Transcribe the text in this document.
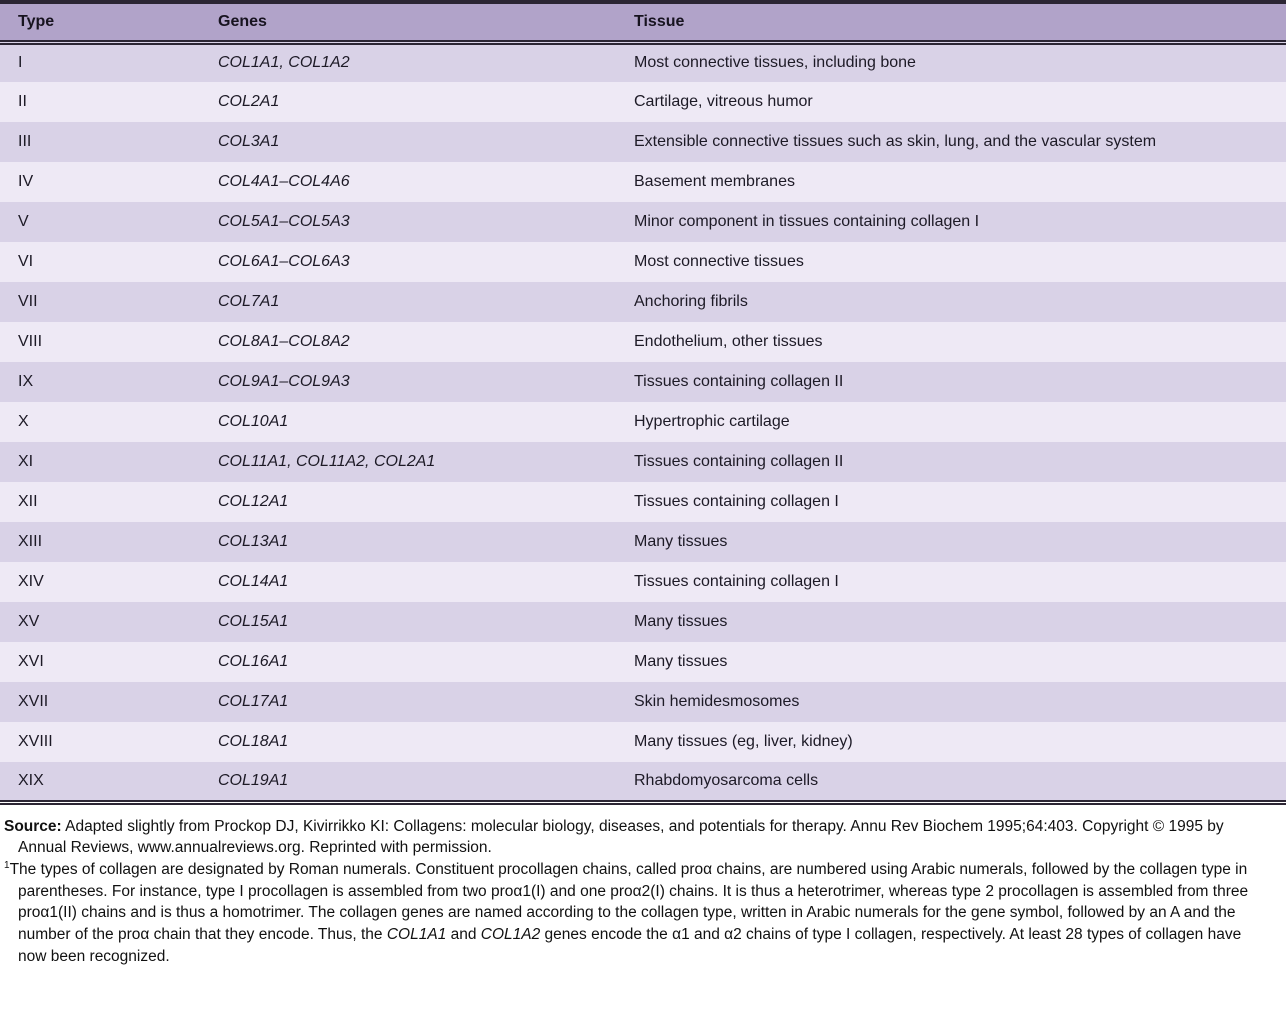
Type	Genes	Tissue
I	COL1A1, COL1A2	Most connective tissues, including bone
II	COL2A1	Cartilage, vitreous humor
III	COL3A1	Extensible connective tissues such as skin, lung, and the vascular system
IV	COL4A1–COL4A6	Basement membranes
V	COL5A1–COL5A3	Minor component in tissues containing collagen I
VI	COL6A1–COL6A3	Most connective tissues
VII	COL7A1	Anchoring fibrils
VIII	COL8A1–COL8A2	Endothelium, other tissues
IX	COL9A1–COL9A3	Tissues containing collagen II
X	COL10A1	Hypertrophic cartilage
XI	COL11A1, COL11A2, COL2A1	Tissues containing collagen II
XII	COL12A1	Tissues containing collagen I
XIII	COL13A1	Many tissues
XIV	COL14A1	Tissues containing collagen I
XV	COL15A1	Many tissues
XVI	COL16A1	Many tissues
XVII	COL17A1	Skin hemidesmosomes
XVIII	COL18A1	Many tissues (eg, liver, kidney)
XIX	COL19A1	Rhabdomyosarcoma cells

Source: Adapted slightly from Prockop DJ, Kivirrikko KI: Collagens: molecular biology, diseases, and potentials for therapy. Annu Rev Biochem 1995;64:403. Copyright © 1995 by Annual Reviews, www.annualreviews.org. Reprinted with permission.

$^1$The types of collagen are designated by Roman numerals. Constituent procollagen chains, called proα chains, are numbered using Arabic numerals, followed by the collagen type in parentheses. For instance, type I procollagen is assembled from two proα1(I) and one proα2(I) chains. It is thus a heterotrimer, whereas type 2 procollagen is assembled from three proα1(II) chains and is thus a homotrimer. The collagen genes are named according to the collagen type, written in Arabic numerals for the gene symbol, followed by an A and the number of the proα chain that they encode. Thus, the COL1A1 and COL1A2 genes encode the α1 and α2 chains of type I collagen, respectively. At least 28 types of collagen have now been recognized.
